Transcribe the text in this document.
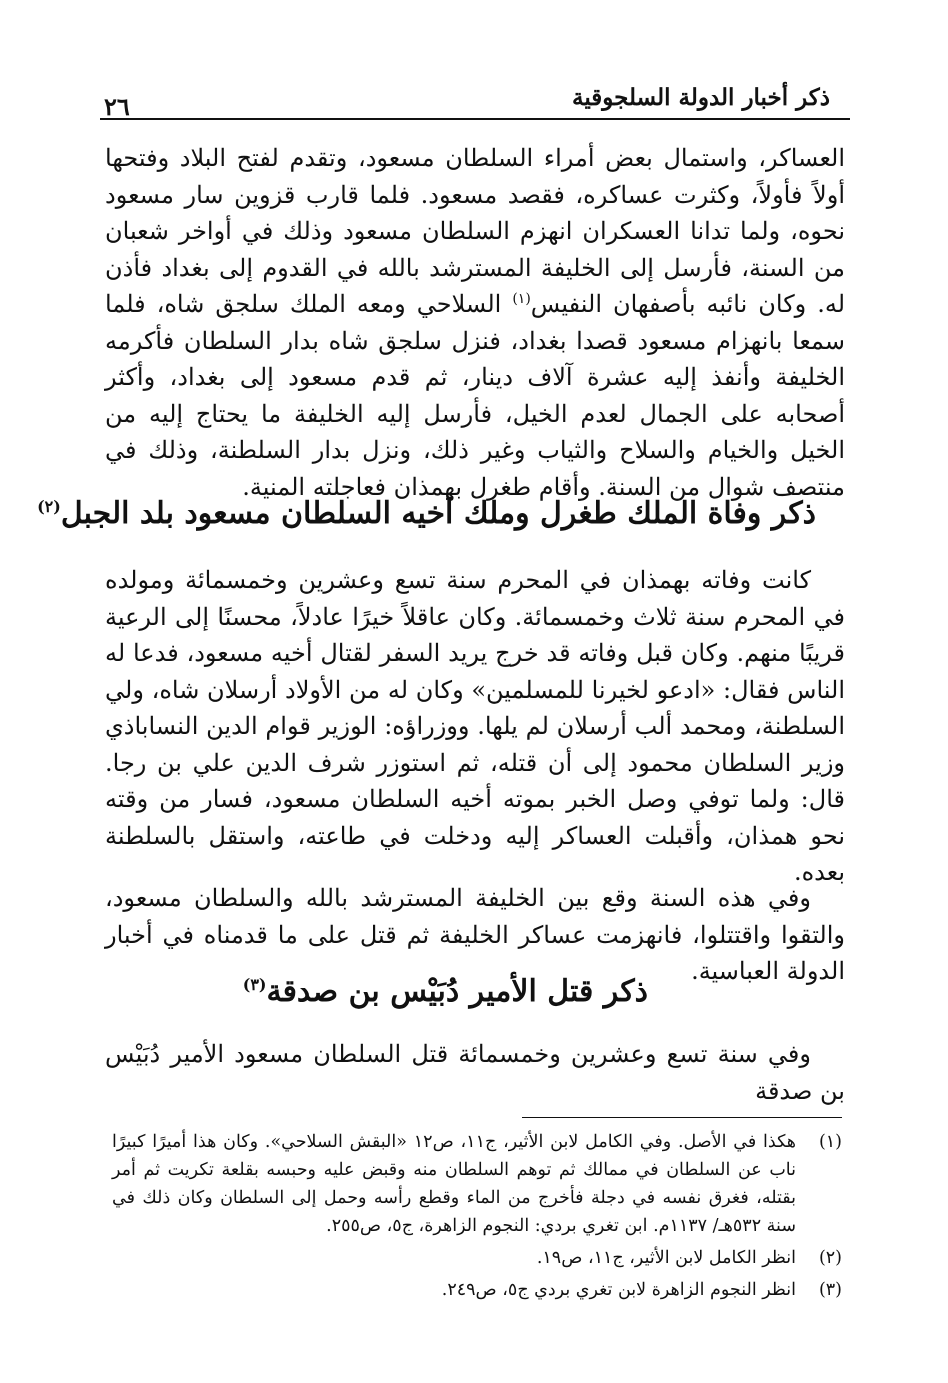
ذكر أخبار الدولة السلجوقية
٢٦

العساكر، واستمال بعض أمراء السلطان مسعود، وتقدم لفتح البلاد وفتحها أولاً فأولاً، وكثرت عساكره، فقصد مسعود. فلما قارب قزوين سار مسعود نحوه، ولما تدانا العسكران انهزم السلطان مسعود وذلك في أواخر شعبان من السنة، فأرسل إلى الخليفة المسترشد بالله في القدوم إلى بغداد فأذن له. وكان نائبه بأصفهان النفيس$^{(١)}$ السلاحي ومعه الملك سلجق شاه، فلما سمعا بانهزام مسعود قصدا بغداد، فنزل سلجق شاه بدار السلطان فأكرمه الخليفة وأنفذ إليه عشرة آلاف دينار، ثم قدم مسعود إلى بغداد، وأكثر أصحابه على الجمال لعدم الخيل، فأرسل إليه الخليفة ما يحتاج إليه من الخيل والخيام والسلاح والثياب وغير ذلك، ونزل بدار السلطنة، وذلك في منتصف شوال من السنة. وأقام طغرل بهمذان فعاجلته المنية.

ذكر وفاة الملك طغرل وملك أخيه السلطان مسعود بلد الجبل$^{(٢)}$

كانت وفاته بهمذان في المحرم سنة تسع وعشرين وخمسمائة ومولده في المحرم سنة ثلاث وخمسمائة. وكان عاقلاً خيرًا عادلاً، محسنًا إلى الرعية قريبًا منهم. وكان قبل وفاته قد خرج يريد السفر لقتال أخيه مسعود، فدعا له الناس فقال: «ادعو لخيرنا للمسلمين» وكان له من الأولاد أرسلان شاه، ولي السلطنة، ومحمد ألب أرسلان لم يلها. ووزراؤه: الوزير قوام الدين النساباذي وزير السلطان محمود إلى أن قتله، ثم استوزر شرف الدين علي بن رجا. قال: ولما توفي وصل الخبر بموته أخيه السلطان مسعود، فسار من وقته نحو همذان، وأقبلت العساكر إليه ودخلت في طاعته، واستقل بالسلطنة بعده.

وفي هذه السنة وقع بين الخليفة المسترشد بالله والسلطان مسعود، والتقوا واقتتلوا، فانهزمت عساكر الخليفة ثم قتل على ما قدمناه في أخبار الدولة العباسية.

ذكر قتل الأمير دُبَيْس بن صدقة$^{(٣)}$

وفي سنة تسع وعشرين وخمسمائة قتل السلطان مسعود الأمير دُبَيْس بن صدقة

(١)
هكذا في الأصل. وفي الكامل لابن الأثير، ج١١، ص١٢ «البقش السلاحي». وكان هذا أميرًا كبيرًا ناب عن السلطان في ممالك ثم توهم السلطان منه وقبض عليه وحبسه بقلعة تكريت ثم أمر بقتله، فغرق نفسه في دجلة فأخرج من الماء وقطع رأسه وحمل إلى السلطان وكان ذلك في سنة ٥٣٢هـ/ ١١٣٧م. ابن تغري بردي: النجوم الزاهرة، ج٥، ص٢٥٥.
(٢)
انظر الكامل لابن الأثير، ج١١، ص١٩.
(٣)
انظر النجوم الزاهرة لابن تغري بردي ج٥، ص٢٤٩.
